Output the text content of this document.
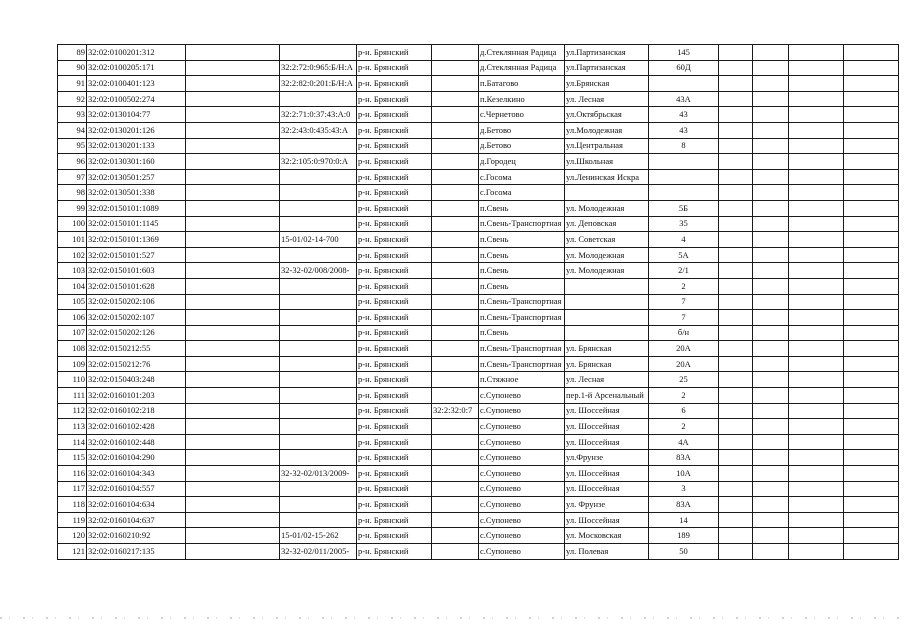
89	32:02:0100201:312			р-н. Брянский		д.Стеклянная Радица	ул.Партизанская	145				
90	32:02:0100205:171		32:2:72:0:965:Б/Н:А	р-н. Брянский		д.Стеклянная Радица	ул.Партизанская	60Д				
91	32:02:0100401:123		32:2:82:0:201:Б/Н:А	р-н. Брянский		п.Батагово	ул.Брянская					
92	32:02:0100502:274			р-н. Брянский		п.Кезелкино	ул. Лесная	43А				
93	32:02:0130104:77		32:2:71:0:37:43:А:0	р-н. Брянский		с.Чернетово	ул.Октябрьская	43				
94	32:02:0130201:126		32:2:43:0:435:43:А	р-н. Брянский		д.Бетово	ул.Молодежная	43				
95	32:02:0130201:133			р-н. Брянский		д.Бетово	ул.Центральная	8				
96	32:02:0130301:160		32:2:105:0:970:0:А	р-н. Брянский		д.Городец	ул.Школьная					
97	32:02:0130501:257			р-н. Брянский		с.Госома	ул.Ленинская Искра					
98	32:02:0130501:338			р-н. Брянский		с.Госома						
99	32:02:0150101:1089			р-н. Брянский		п.Свень	ул. Молодежная	5Б				
100	32:02:0150101:1145			р-н. Брянский		п.Свень-Транспортная	ул. Деповская	35				
101	32:02:0150101:1369		15-01/02-14-700	р-н. Брянский		п.Свень	ул. Советская	4				
102	32:02:0150101:527			р-н. Брянский		п.Свень	ул. Молодежная	5А				
103	32:02:0150101:603		32-32-02/008/2008-	р-н. Брянский		п.Свень	ул. Молодежная	2/1				
104	32:02:0150101:628			р-н. Брянский		п.Свень		2				
105	32:02:0150202:106			р-н. Брянский		п.Свень-Транспортная		7				
106	32:02:0150202:107			р-н. Брянский		п.Свень-Транспортная		7				
107	32:02:0150202:126			р-н. Брянский		п.Свень		б/н				
108	32:02:0150212:55			р-н. Брянский		п.Свень-Транспортная	ул. Брянская	20А				
109	32:02:0150212:76			р-н. Брянский		п.Свень-Транспортная	ул. Брянская	20А				
110	32:02:0150403:248			р-н. Брянский		п.Стяжное	ул. Лесная	25				
111	32:02:0160101:203			р-н. Брянский		с.Супонево	пер.1-й Арсенальный	2				
112	32:02:0160102:218			р-н. Брянский	32:2:32:0:7	с.Супонево	ул. Шоссейная	6				
113	32:02:0160102:428			р-н. Брянский		с.Супонево	ул. Шоссейная	2				
114	32:02:0160102:448			р-н. Брянский		с.Супонево	ул. Шоссейная	4А				
115	32:02:0160104:290			р-н. Брянский		с.Супонево	ул.Фрунзе	83А				
116	32:02:0160104:343		32-32-02/013/2009-	р-н. Брянский		с.Супонево	ул. Шоссейная	10А				
117	32:02:0160104:557			р-н. Брянский		с.Супонево	ул. Шоссейная	3				
118	32:02:0160104:634			р-н. Брянский		с.Супонево	ул. Фрунзе	83А				
119	32:02:0160104:637			р-н. Брянский		с.Супонево	ул. Шоссейная	14				
120	32:02:0160210:92		15-01/02-15-262	р-н. Брянский		с.Супонево	ул. Московская	189				
121	32:02:0160217:135		32-32-02/011/2005-	р-н. Брянский		с.Супонево	ул. Полевая	50				
